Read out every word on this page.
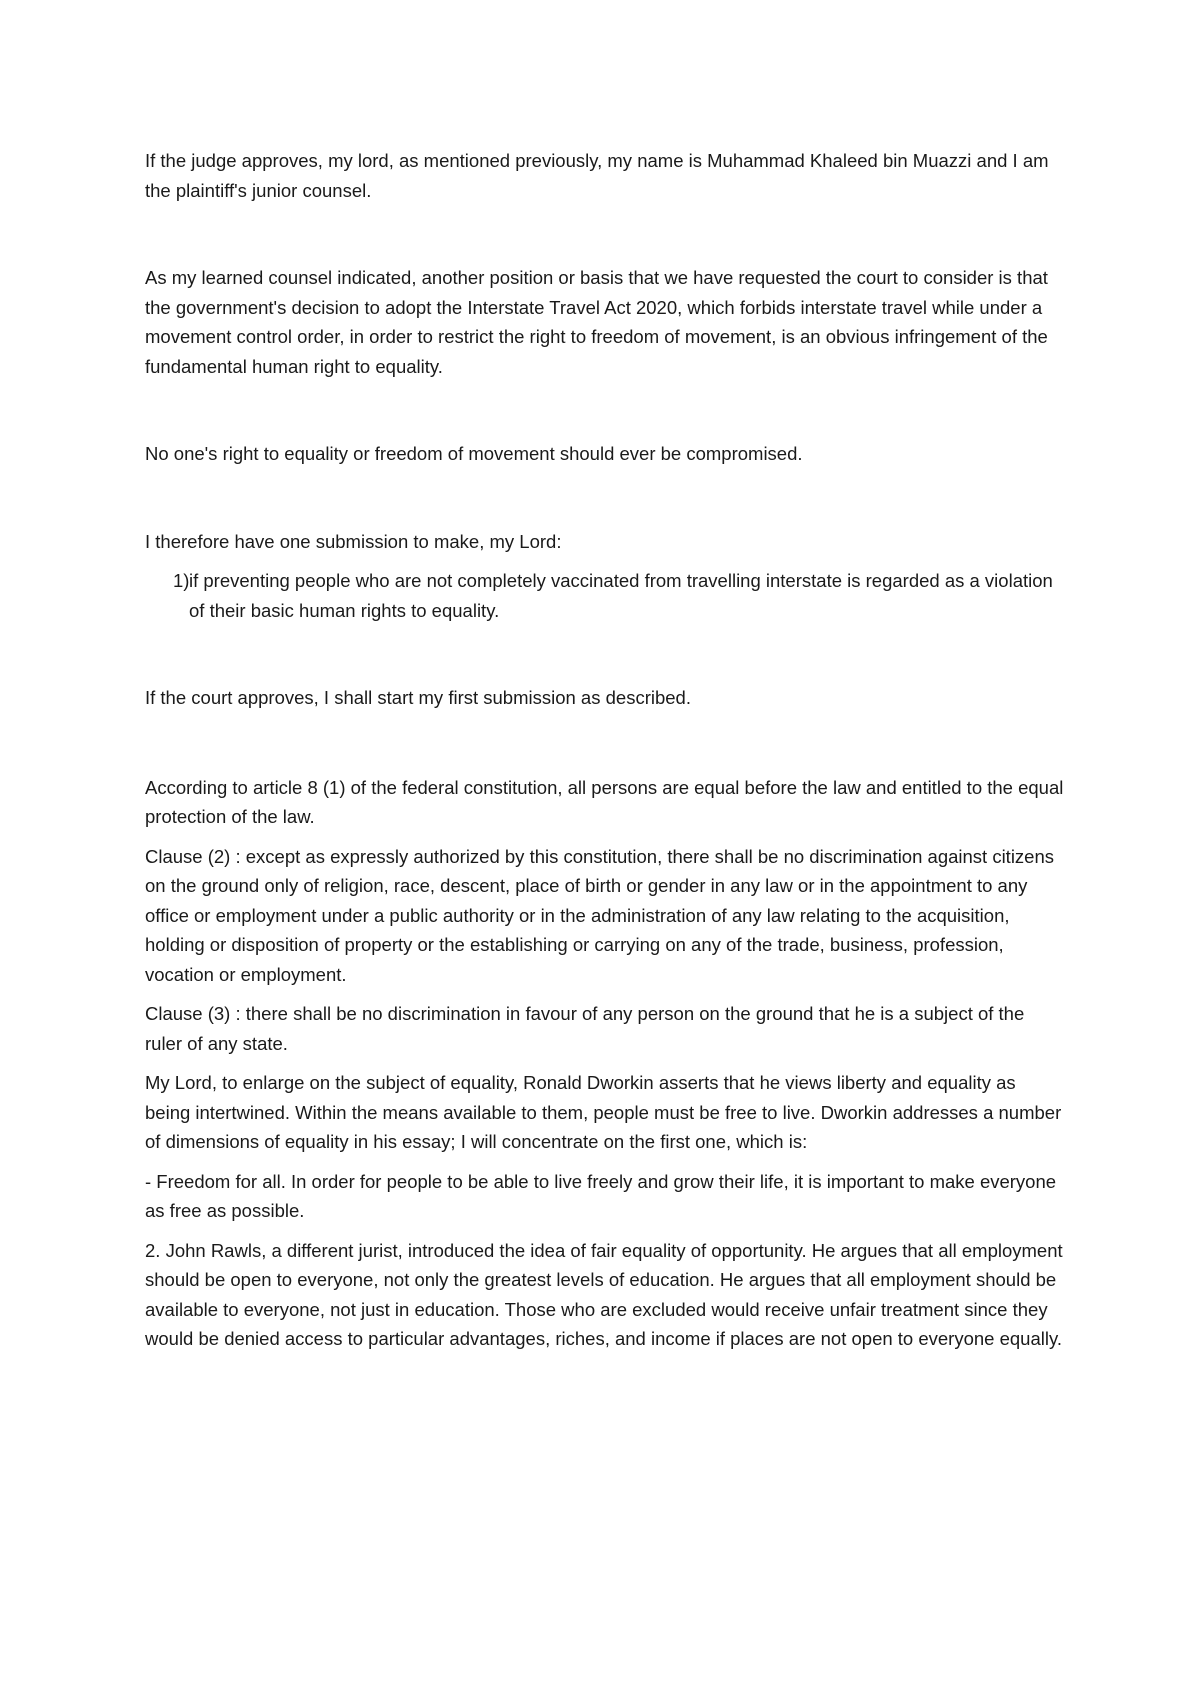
If the judge approves, my lord, as mentioned previously, my name is Muhammad Khaleed bin Muazzi and I am the plaintiff's junior counsel.

As my learned counsel indicated, another position or basis that we have requested the court to consider is that the government's decision to adopt the Interstate Travel Act 2020, which forbids interstate travel while under a movement control order, in order to restrict the right to freedom of movement, is an obvious infringement of the fundamental human right to equality.

No one's right to equality or freedom of movement should ever be compromised.

I therefore have one submission to make, my Lord:

1) if preventing people who are not completely vaccinated from travelling interstate is regarded as a violation of their basic human rights to equality.

If the court approves, I shall start my first submission as described.

According to article 8 (1) of the federal constitution, all persons are equal before the law and entitled to the equal protection of the law.

Clause (2) : except as expressly authorized by this constitution, there shall be no discrimination against citizens on the ground only of religion, race, descent, place of birth or gender in any law or in the appointment to any office or employment under a public authority or in the administration of any law relating to the acquisition, holding or disposition of property or the establishing or carrying on any of the trade, business, profession, vocation or employment.

Clause (3) : there shall be no discrimination in favour of any person on the ground that he is a subject of the ruler of any state.

My Lord, to enlarge on the subject of equality, Ronald Dworkin asserts that he views liberty and equality as being intertwined. Within the means available to them, people must be free to live. Dworkin addresses a number of dimensions of equality in his essay; I will concentrate on the first one, which is:

- Freedom for all. In order for people to be able to live freely and grow their life, it is important to make everyone as free as possible.

2. John Rawls, a different jurist, introduced the idea of fair equality of opportunity. He argues that all employment should be open to everyone, not only the greatest levels of education. He argues that all employment should be available to everyone, not just in education. Those who are excluded would receive unfair treatment since they would be denied access to particular advantages, riches, and income if places are not open to everyone equally.
